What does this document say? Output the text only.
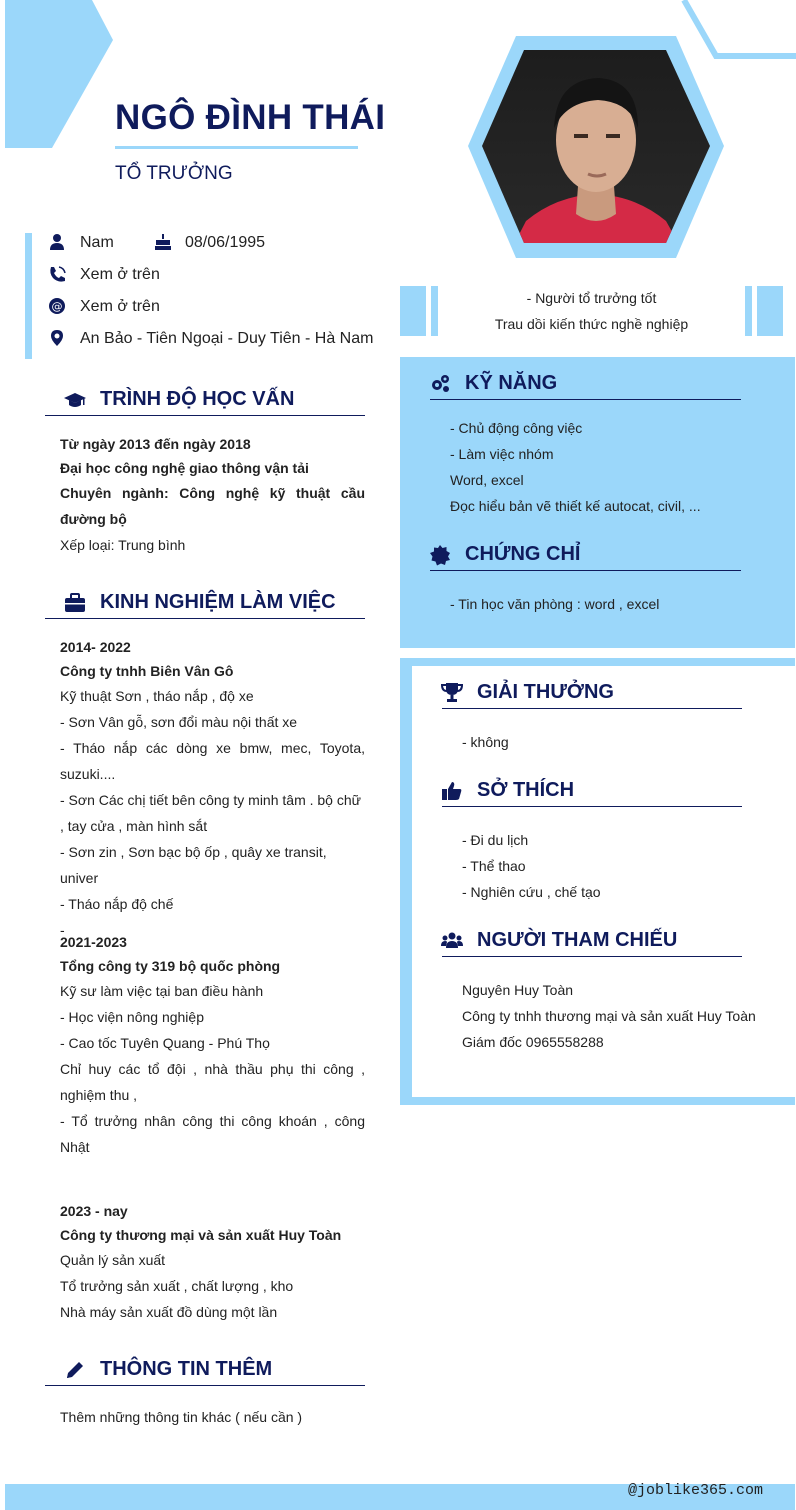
NGÔ ĐÌNH THÁI
TỔ TRƯỞNG
Nam	08/06/1995
Xem ở trên
@ Xem ở trên
An Bảo - Tiên Ngoại - Duy Tiên - Hà Nam
- Người tổ trưởng tốt
Trau dồi kiến thức nghề nghiệp
TRÌNH ĐỘ HỌC VẤN
Từ ngày 2013 đến ngày 2018
Đại học công nghệ giao thông vận tải
Chuyên ngành: Công nghệ kỹ thuật cầu đường bộ
Xếp loại: Trung bình
KINH NGHIỆM LÀM VIỆC
2014- 2022
Công ty tnhh Biên Vân Gô
Kỹ thuật Sơn , tháo nắp , độ xe
- Sơn Vân gỗ, sơn đổi màu nội thất xe
- Tháo nắp các dòng xe bmw, mec, Toyota, suzuki....
- Sơn Các chị tiết bên công ty minh tâm . bộ chữ , tay cửa , màn hình sắt
- Sơn zin , Sơn bạc bộ ốp , quây xe transit, univer
- Tháo nắp độ chế
-
2021-2023
Tổng công ty 319 bộ quốc phòng
Kỹ sư làm việc tại ban điều hành
- Học viện nông nghiệp
- Cao tốc Tuyên Quang - Phú Thọ
Chỉ huy các tổ đội , nhà thầu phụ thi công , nghiệm thu ,
- Tổ trưởng nhân công thi công khoán , công Nhật
2023 - nay
Công ty thương mại và sản xuất Huy Toàn
Quản lý sản xuất
Tổ trưởng sản xuất , chất lượng , kho
Nhà máy sản xuất đồ dùng một lần
THÔNG TIN THÊM
Thêm những thông tin khác ( nếu cần )
KỸ NĂNG
- Chủ động công việc
- Làm việc nhóm
Word, excel
Đọc hiểu bản vẽ thiết kế autocat, civil, ...
CHỨNG CHỈ
- Tin học văn phòng : word , excel
GIẢI THƯỞNG
- không
SỞ THÍCH
- Đi du lịch
- Thể thao
- Nghiên cứu , chế tạo
NGƯỜI THAM CHIẾU
Nguyên Huy Toàn
Công ty tnhh thương mại và sản xuất Huy Toàn
Giám đốc 0965558288
@joblike365.com
